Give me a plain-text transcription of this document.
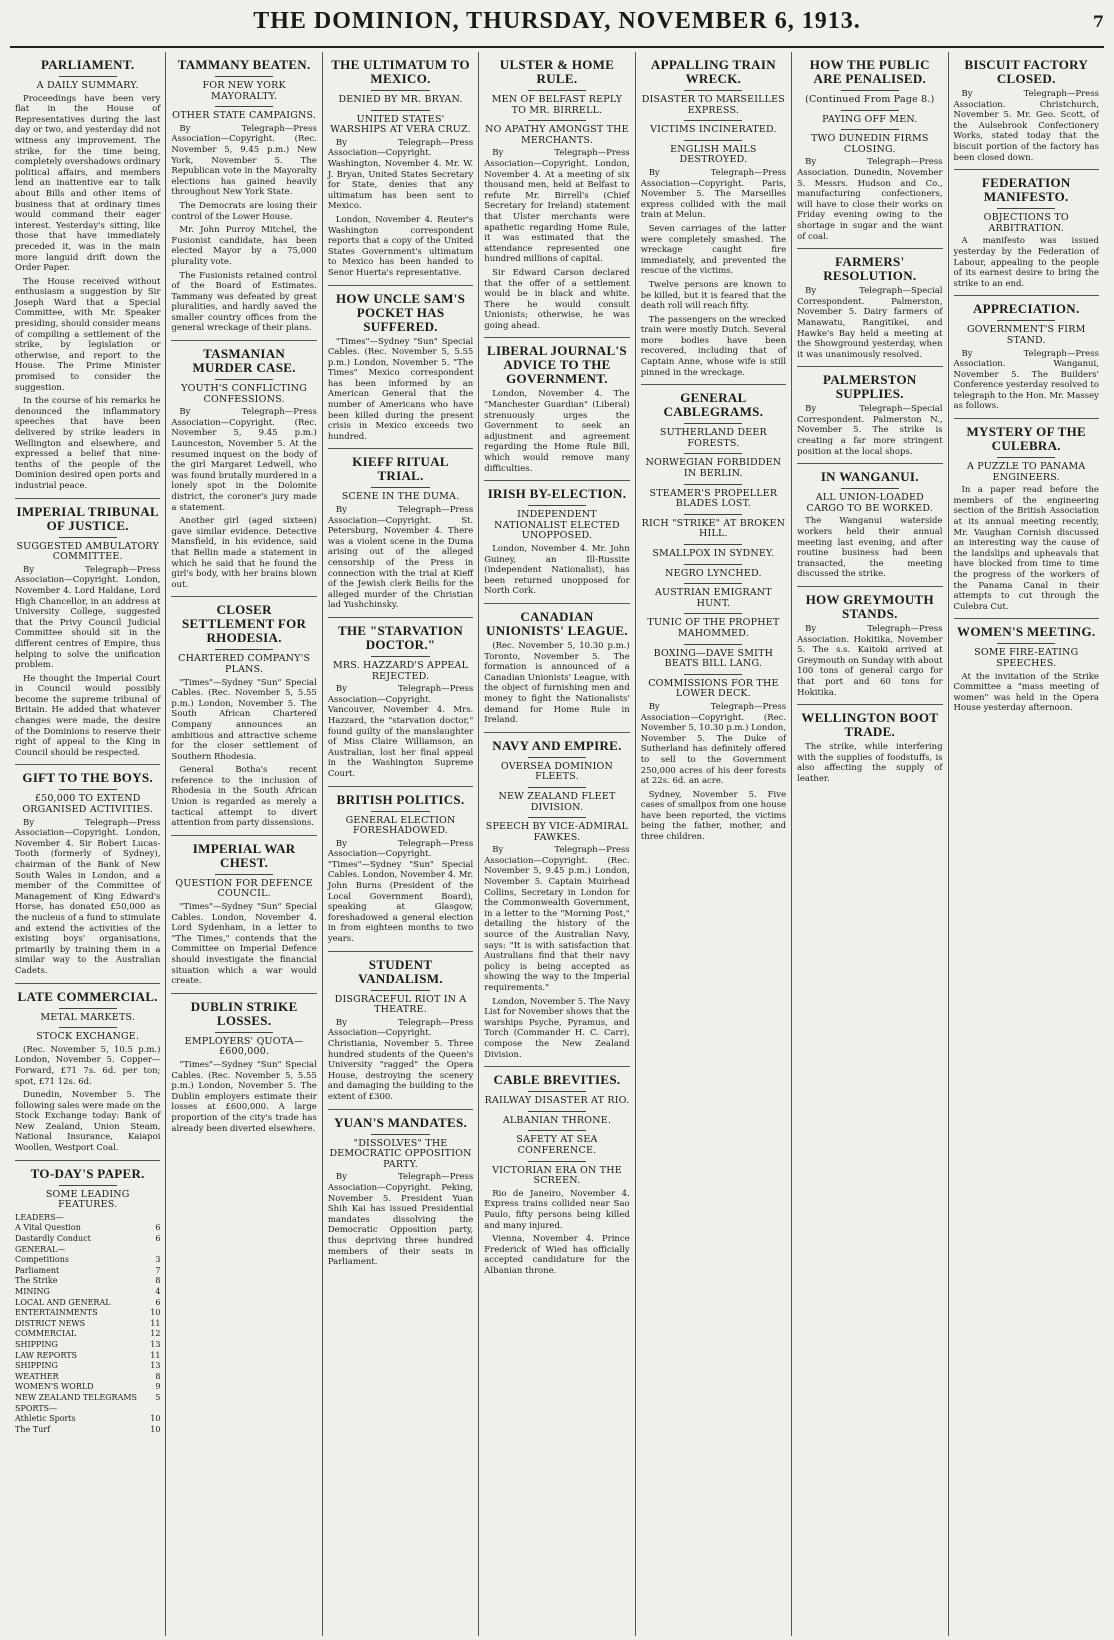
THE DOMINION, THURSDAY, NOVEMBER 6, 1913.	7
PARLIAMENT.
A DAILY SUMMARY.

Proceedings have been very flat in the House of Representatives during the last day or two, and yesterday did not witness any improvement. The strike, for the time being, completely overshadows ordinary political affairs, and members lend an inattentive ear to talk about Bills and other items of business that at ordinary times would command their eager interest. Yesterday's sitting, like those that have immediately preceded it, was in the main more languid drift down the Order Paper.

The House received without enthusiasm a suggestion by Sir Joseph Ward that a Special Committee, with Mr. Speaker presiding, should consider means of compiling a settlement of the strike, by legislation or otherwise, and report to the House. The Prime Minister promised to consider the suggestion.

In the course of his remarks he denounced the inflammatory speeches that have been delivered by strike leaders in Wellington and elsewhere, and expressed a belief that nine-tenths of the people of the Dominion desired open ports and industrial peace.

IMPERIAL TRIBUNAL OF JUSTICE.
SUGGESTED AMBULATORY COMMITTEE.

By Telegraph—Press Association—Copyright. London, November 4. Lord Haldane, Lord High Chancellor, in an address at University College, suggested that the Privy Council Judicial Committee should sit in the different centres of Empire, thus helping to solve the unification problem.

He thought the Imperial Court in Council would possibly become the supreme tribunal of Britain. He added that whatever changes were made, the desire of the Dominions to reserve their right of appeal to the King in Council should be respected.

GIFT TO THE BOYS.
£50,000 TO EXTEND ORGANISED ACTIVITIES.

By Telegraph—Press Association—Copyright. London, November 4. Sir Robert Lucas-Tooth (formerly of Sydney), chairman of the Bank of New South Wales in London, and a member of the Committee of Management of King Edward's Horse, has donated £50,000 as the nucleus of a fund to stimulate and extend the activities of the existing boys' organisations, primarily by training them in a similar way to the Australian Cadets.

LATE COMMERCIAL.
METAL MARKETS.
STOCK EXCHANGE.

(Rec. November 5, 10.5 p.m.) London, November 5. Copper—Forward, £71 7s. 6d. per ton; spot, £71 12s. 6d.

Dunedin, November 5. The following sales were made on the Stock Exchange today: Bank of New Zealand, Union Steam, National Insurance, Kaiapoi Woollen, Westport Coal.

TO-DAY'S PAPER.
SOME LEADING FEATURES.
LEADERS—
A Vital Question	6
Dastardly Conduct	6
GENERAL—
Competitions	3
Parliament	7
The Strike	8
MINING	4
LOCAL AND GENERAL	6
ENTERTAINMENTS	10
DISTRICT NEWS	11
COMMERCIAL	12
SHIPPING	13
LAW REPORTS	11
SHIPPING	13
WEATHER	8
WOMEN'S WORLD	9
NEW ZEALAND TELEGRAMS 5
SPORTS—
Athletic Sports	10
The Turf	10
TAMMANY BEATEN.
FOR NEW YORK MAYORALTY.
OTHER STATE CAMPAIGNS.

By Telegraph—Press Association—Copyright. (Rec. November 5, 9.45 p.m.) New York, November 5. The Republican vote in the Mayoralty elections has gained heavily throughout New York State.

The Democrats are losing their control of the Lower House.

Mr. John Purroy Mitchel, the Fusionist candidate, has been elected Mayor by a 75,000 plurality vote.

The Fusionists retained control of the Board of Estimates. Tammany was defeated by great pluralities, and hardly saved the smaller country offices from the general wreckage of their plans.

TASMANIAN MURDER CASE.
YOUTH'S CONFLICTING CONFESSIONS.

By Telegraph—Press Association—Copyright. (Rec. November 5, 9.45 p.m.) Launceston, November 5. At the resumed inquest on the body of the girl Margaret Ledwell, who was found brutally murdered in a lonely spot in the Dolomite district, the coroner's jury made a statement.

Another girl (aged sixteen) gave similar evidence. Detective Mansfield, in his evidence, said that Bellin made a statement in which he said that he found the girl's body, with her brains blown out.

CLOSER SETTLEMENT FOR RHODESIA.
CHARTERED COMPANY'S PLANS.

"Times"—Sydney "Sun" Special Cables. (Rec. November 5, 5.55 p.m.) London, November 5. The South African Chartered Company announces an ambitious and attractive scheme for the closer settlement of Southern Rhodesia.

General Botha's recent reference to the inclusion of Rhodesia in the South African Union is regarded as merely a tactical attempt to divert attention from party dissensions.

IMPERIAL WAR CHEST.
QUESTION FOR DEFENCE COUNCIL.

"Times"—Sydney "Sun" Special Cables. London, November 4. Lord Sydenham, in a letter to "The Times," contends that the Committee on Imperial Defence should investigate the financial situation which a war would create.

DUBLIN STRIKE LOSSES.
EMPLOYERS' QUOTA—£600,000.

"Times"—Sydney "Sun" Special Cables. (Rec. November 5, 5.55 p.m.) London, November 5. The Dublin employers estimate their losses at £600,000. A large proportion of the city's trade has already been diverted elsewhere.

THE ULTIMATUM TO MEXICO.
DENIED BY MR. BRYAN.
UNITED STATES' WARSHIPS AT VERA CRUZ.

By Telegraph—Press Association—Copyright. Washington, November 4. Mr. W. J. Bryan, United States Secretary for State, denies that any ultimatum has been sent to Mexico.

London, November 4. Reuter's Washington correspondent reports that a copy of the United States Government's ultimatum to Mexico has been handed to Senor Huerta's representative.

HOW UNCLE SAM'S POCKET HAS SUFFERED.

"Times"—Sydney "Sun" Special Cables. (Rec. November 5, 5.55 p.m.) London, November 5. "The Times" Mexico correspondent has been informed by an American General that the number of Americans who have been killed during the present crisis in Mexico exceeds two hundred.

KIEFF RITUAL TRIAL.
SCENE IN THE DUMA.

By Telegraph—Press Association—Copyright. St. Petersburg, November 4. There was a violent scene in the Duma arising out of the alleged censorship of the Press in connection with the trial at Kieff of the Jewish clerk Beilis for the alleged murder of the Christian lad Yushchinsky.

THE "STARVATION DOCTOR."
MRS. HAZZARD'S APPEAL REJECTED.

By Telegraph—Press Association—Copyright. Vancouver, November 4. Mrs. Hazzard, the "starvation doctor," found guilty of the manslaughter of Miss Claire Williamson, an Australian, lost her final appeal in the Washington Supreme Court.

BRITISH POLITICS.
GENERAL ELECTION FORESHADOWED.

By Telegraph—Press Association—Copyright. "Times"—Sydney "Sun" Special Cables. London, November 4. Mr. John Burns (President of the Local Government Board), speaking at Glasgow, foreshadowed a general election in from eighteen months to two years.

STUDENT VANDALISM.
DISGRACEFUL RIOT IN A THEATRE.

By Telegraph—Press Association—Copyright. Christiania, November 5. Three hundred students of the Queen's University "ragged" the Opera House, destroying the scenery and damaging the building to the extent of £300.

YUAN'S MANDATES.
"DISSOLVES" THE DEMOCRATIC OPPOSITION PARTY.

By Telegraph—Press Association—Copyright. Peking, November 5. President Yuan Shih Kai has issued Presidential mandates dissolving the Democratic Opposition party, thus depriving three hundred members of their seats in Parliament.

ULSTER & HOME RULE.
MEN OF BELFAST REPLY TO MR. BIRRELL.
NO APATHY AMONGST THE MERCHANTS.

By Telegraph—Press Association—Copyright. London, November 4. At a meeting of six thousand men, held at Belfast to refute Mr. Birrell's (Chief Secretary for Ireland) statement that Ulster merchants were apathetic regarding Home Rule, it was estimated that the attendance represented one hundred millions of capital.

Sir Edward Carson declared that the offer of a settlement would be in black and white. There he would consult Unionists; otherwise, he was going ahead.

LIBERAL JOURNAL'S ADVICE TO THE GOVERNMENT.

London, November 4. The "Manchester Guardian" (Liberal) strenuously urges the Government to seek an adjustment and agreement regarding the Home Rule Bill, which would remove many difficulties.

IRISH BY-ELECTION.
INDEPENDENT NATIONALIST ELECTED UNOPPOSED.

London, November 4. Mr. John Guiney, an Ill-Russite (independent Nationalist), has been returned unopposed for North Cork.

CANADIAN UNIONISTS' LEAGUE.

(Rec. November 5, 10.30 p.m.) Toronto, November 5. The formation is announced of a Canadian Unionists' League, with the object of furnishing men and money to fight the Nationalists' demand for Home Rule in Ireland.

NAVY AND EMPIRE.
OVERSEA DOMINION FLEETS.
NEW ZEALAND FLEET DIVISION.
SPEECH BY VICE-ADMIRAL FAWKES.

By Telegraph—Press Association—Copyright. (Rec. November 5, 9.45 p.m.) London, November 5. Captain Muirhead Collins, Secretary in London for the Commonwealth Government, in a letter to the "Morning Post," detailing the history of the source of the Australian Navy, says: "It is with satisfaction that Australians find that their navy policy is being accepted as showing the way to the Imperial requirements."

London, November 5. The Navy List for November shows that the warships Psyche, Pyramus, and Torch (Commander H. C. Carr), compose the New Zealand Division.

CABLE BREVITIES.
RAILWAY DISASTER AT RIO.
ALBANIAN THRONE.
SAFETY AT SEA CONFERENCE.
VICTORIAN ERA ON THE SCREEN.

Rio de Janeiro, November 4. Express trains collided near Sao Paulo, fifty persons being killed and many injured.

Vienna, November 4. Prince Frederick of Wied has officially accepted candidature for the Albanian throne.

APPALLING TRAIN WRECK.
DISASTER TO MARSEILLES EXPRESS.
VICTIMS INCINERATED.
ENGLISH MAILS DESTROYED.

By Telegraph—Press Association—Copyright. Paris, November 5. The Marseilles express collided with the mail train at Melun.

Seven carriages of the latter were completely smashed. The wreckage caught fire immediately, and prevented the rescue of the victims.

Twelve persons are known to be killed, but it is feared that the death roll will reach fifty.

The passengers on the wrecked train were mostly Dutch. Several more bodies have been recovered, including that of Captain Anne, whose wife is still pinned in the wreckage.

GENERAL CABLEGRAMS.
SUTHERLAND DEER FORESTS.
NORWEGIAN FORBIDDEN IN BERLIN.
STEAMER'S PROPELLER BLADES LOST.
RICH "STRIKE" AT BROKEN HILL.
SMALLPOX IN SYDNEY.
NEGRO LYNCHED.
AUSTRIAN EMIGRANT HUNT.
TUNIC OF THE PROPHET MAHOMMED.
BOXING—DAVE SMITH BEATS BILL LANG.
COMMISSIONS FOR THE LOWER DECK.

By Telegraph—Press Association—Copyright. (Rec. November 5, 10.30 p.m.) London, November 5. The Duke of Sutherland has definitely offered to sell to the Government 250,000 acres of his deer forests at 22s. 6d. an acre.

Sydney, November 5. Five cases of smallpox from one house have been reported, the victims being the father, mother, and three children.

HOW THE PUBLIC ARE PENALISED.
(Continued From Page 8.)
PAYING OFF MEN.
TWO DUNEDIN FIRMS CLOSING.

By Telegraph—Press Association. Dunedin, November 5. Messrs. Hudson and Co., manufacturing confectioners, will have to close their works on Friday evening owing to the shortage in sugar and the want of coal.

FARMERS' RESOLUTION.

By Telegraph—Special Correspondent. Palmerston, November 5. Dairy farmers of Manawatu, Rangitikei, and Hawke's Bay held a meeting at the Showground yesterday, when it was unanimously resolved.

PALMERSTON SUPPLIES.

By Telegraph—Special Correspondent. Palmerston N., November 5. The strike is creating a far more stringent position at the local shops.

IN WANGANUI.
ALL UNION-LOADED CARGO TO BE WORKED.

The Wanganui waterside workers held their annual meeting last evening, and after routine business had been transacted, the meeting discussed the strike.

HOW GREYMOUTH STANDS.

By Telegraph—Press Association. Hokitika, November 5. The s.s. Kaitoki arrived at Greymouth on Sunday with about 100 tons of general cargo for that port and 60 tons for Hokitika.

WELLINGTON BOOT TRADE.

The strike, while interfering with the supplies of foodstuffs, is also affecting the supply of leather.

BISCUIT FACTORY CLOSED.

By Telegraph—Press Association. Christchurch, November 5. Mr. Geo. Scott, of the Aulsebrook Confectionery Works, stated today that the biscuit portion of the factory has been closed down.

FEDERATION MANIFESTO.
OBJECTIONS TO ARBITRATION.

A manifesto was issued yesterday by the Federation of Labour, appealing to the people of its earnest desire to bring the strike to an end.

APPRECIATION.
GOVERNMENT'S FIRM STAND.

By Telegraph—Press Association. Wanganui, November 5. The Builders' Conference yesterday resolved to telegraph to the Hon. Mr. Massey as follows.

MYSTERY OF THE CULEBRA.
A PUZZLE TO PANAMA ENGINEERS.

In a paper read before the members of the engineering section of the British Association at its annual meeting recently, Mr. Vaughan Cornish discussed an interesting way the cause of the landslips and upheavals that have blocked from time to time the progress of the workers of the Panama Canal in their attempts to cut through the Culebra Cut.

WOMEN'S MEETING.
SOME FIRE-EATING SPEECHES.

At the invitation of the Strike Committee a "mass meeting of women" was held in the Opera House yesterday afternoon.
